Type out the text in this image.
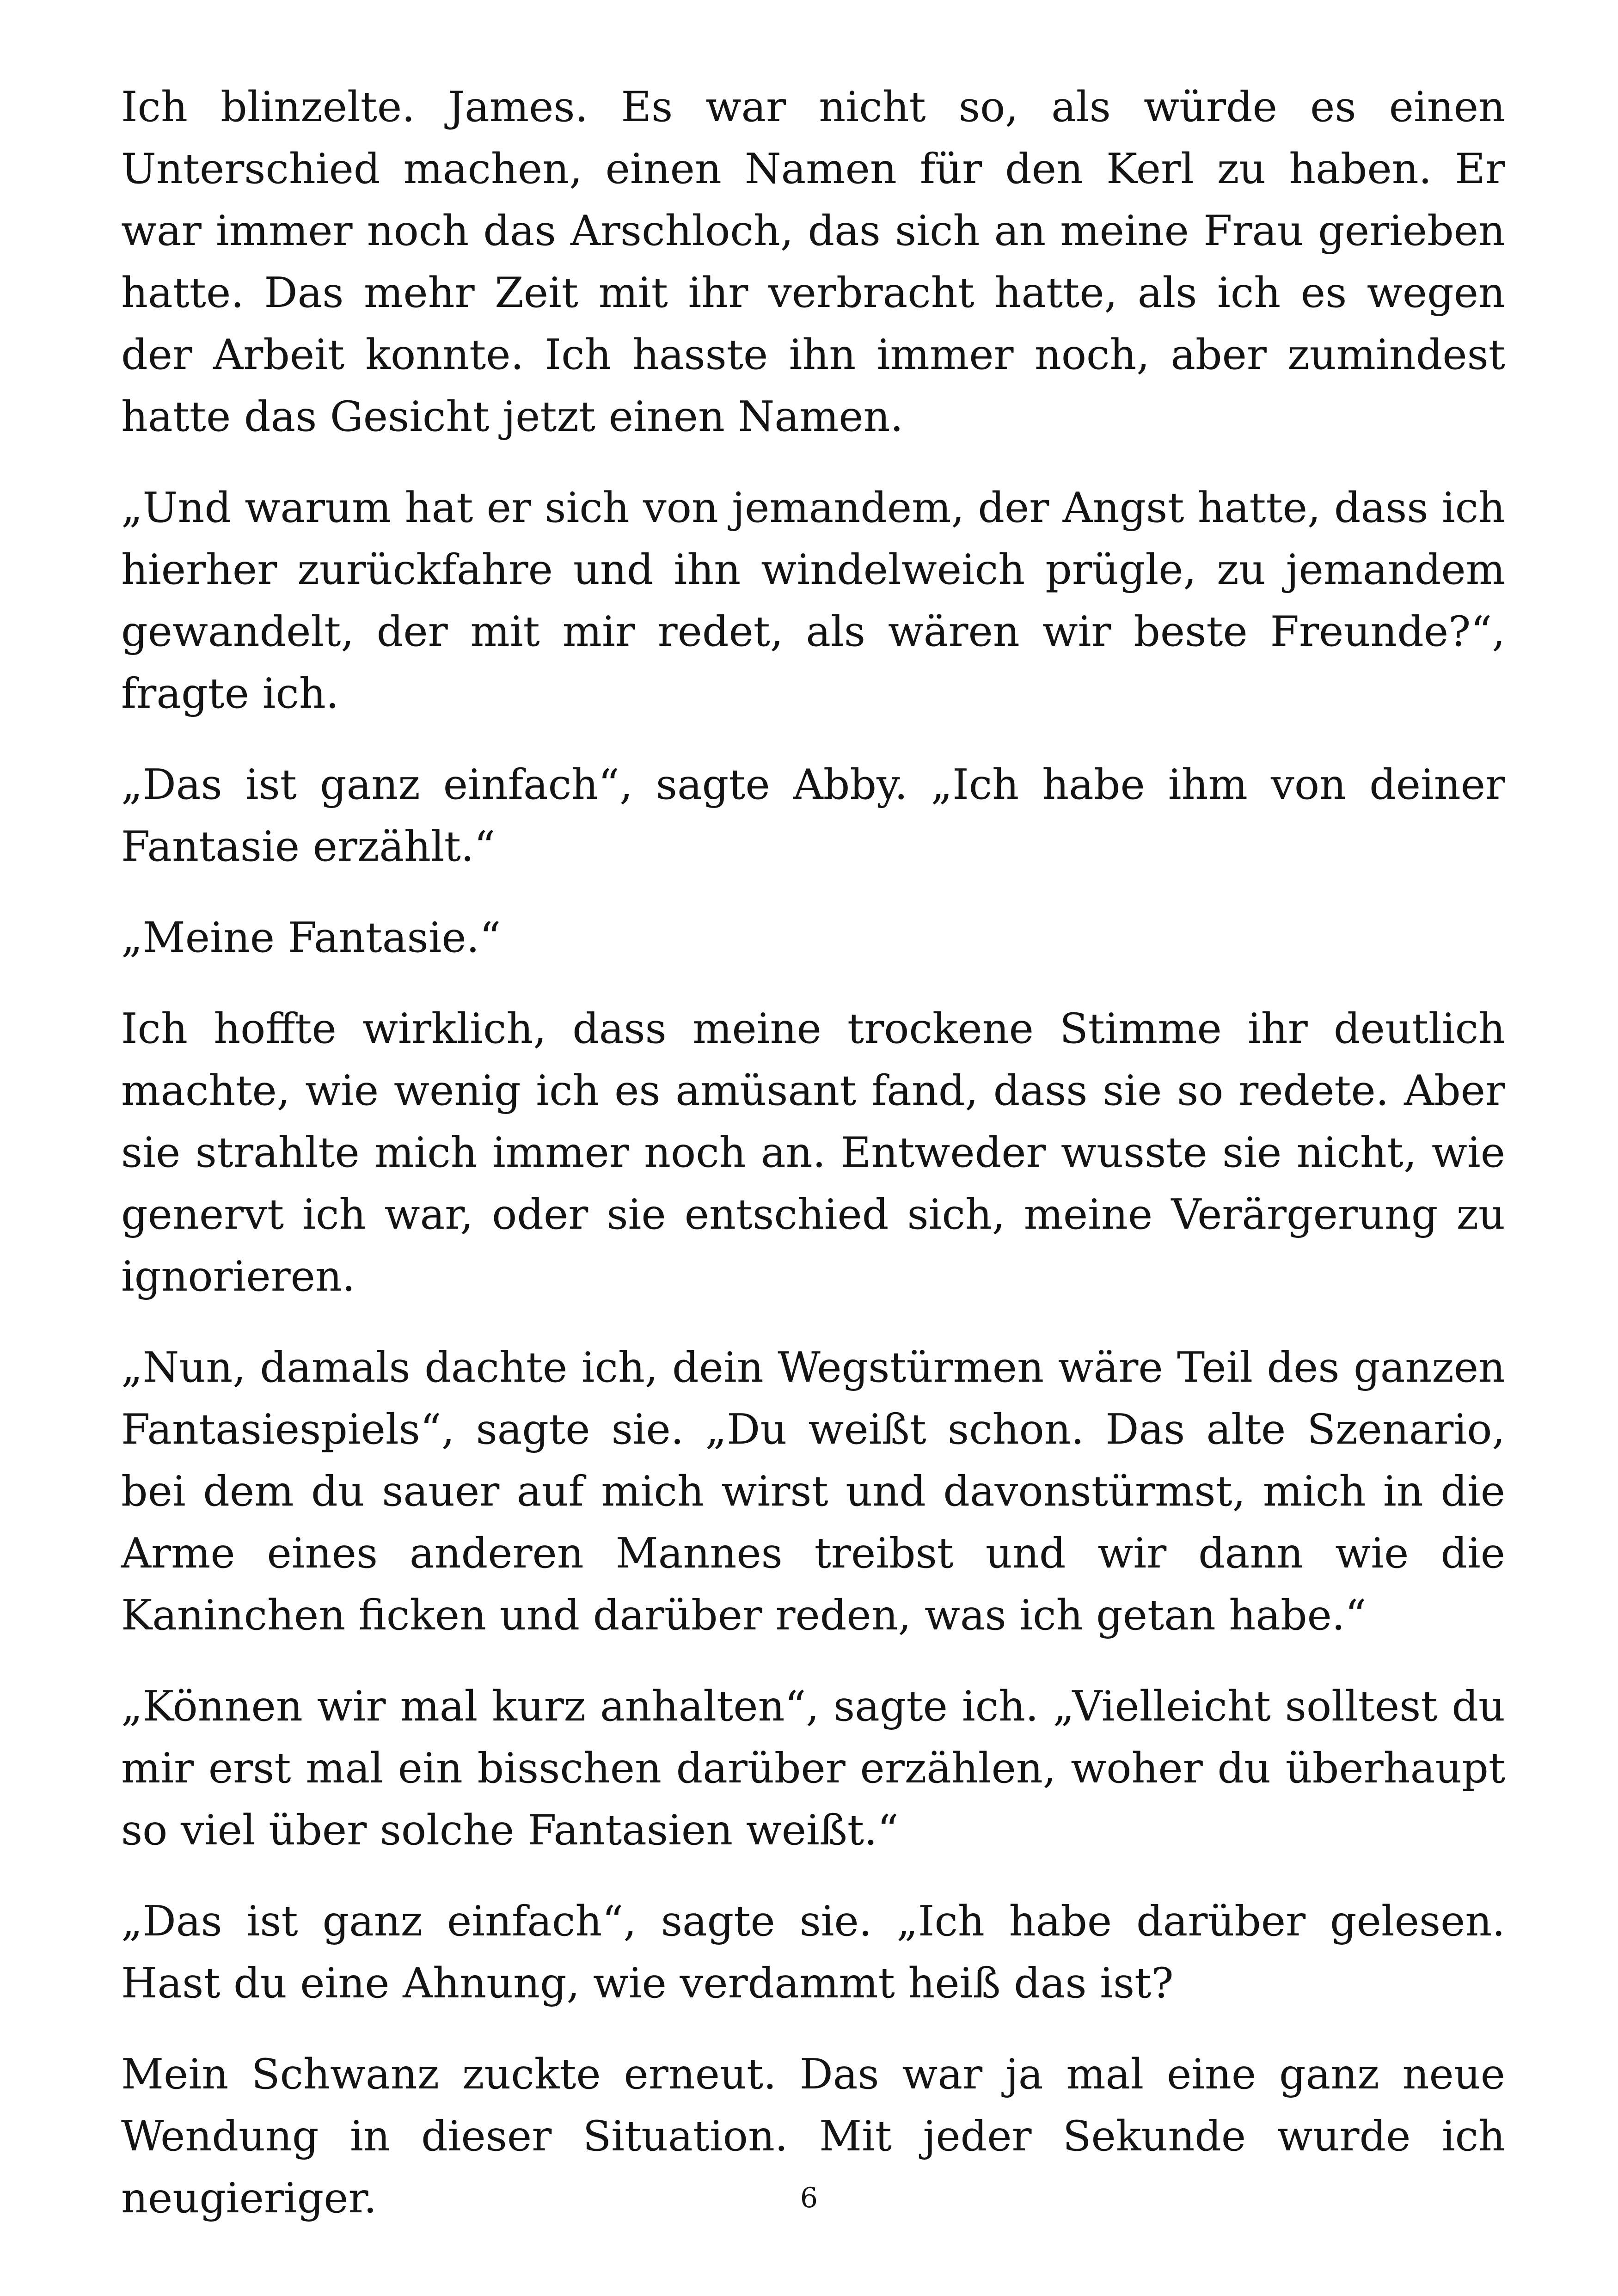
Ich blinzelte. James. Es war nicht so, als würde es einen Unterschied machen, einen Namen für den Kerl zu haben. Er war immer noch das Arschloch, das sich an meine Frau gerieben hatte. Das mehr Zeit mit ihr verbracht hatte, als ich es wegen der Arbeit konnte. Ich hasste ihn immer noch, aber zumindest hatte das Gesicht jetzt einen Namen.

„Und warum hat er sich von jemandem, der Angst hatte, dass ich hierher zurückfahre und ihn windelweich prügle, zu jemandem gewandelt, der mit mir redet, als wären wir beste Freunde?“, fragte ich.

„Das ist ganz einfach“, sagte Abby. „Ich habe ihm von deiner Fantasie erzählt.“

„Meine Fantasie.“

Ich hoffte wirklich, dass meine trockene Stimme ihr deutlich machte, wie wenig ich es amüsant fand, dass sie so redete. Aber sie strahlte mich immer noch an. Entweder wusste sie nicht, wie genervt ich war, oder sie entschied sich, meine Verärgerung zu ignorieren.

„Nun, damals dachte ich, dein Wegstürmen wäre Teil des ganzen Fantasiespiels“, sagte sie. „Du weißt schon. Das alte Szenario, bei dem du sauer auf mich wirst und davonstürmst, mich in die Arme eines anderen Mannes treibst und wir dann wie die Kaninchen ficken und darüber reden, was ich getan habe.“

„Können wir mal kurz anhalten“, sagte ich. „Vielleicht solltest du mir erst mal ein bisschen darüber erzählen, woher du überhaupt so viel über solche Fantasien weißt.“

„Das ist ganz einfach“, sagte sie. „Ich habe darüber gelesen. Hast du eine Ahnung, wie verdammt heiß das ist?

Mein Schwanz zuckte erneut. Das war ja mal eine ganz neue Wendung in dieser Situation. Mit jeder Sekunde wurde ich neugieriger.	6
